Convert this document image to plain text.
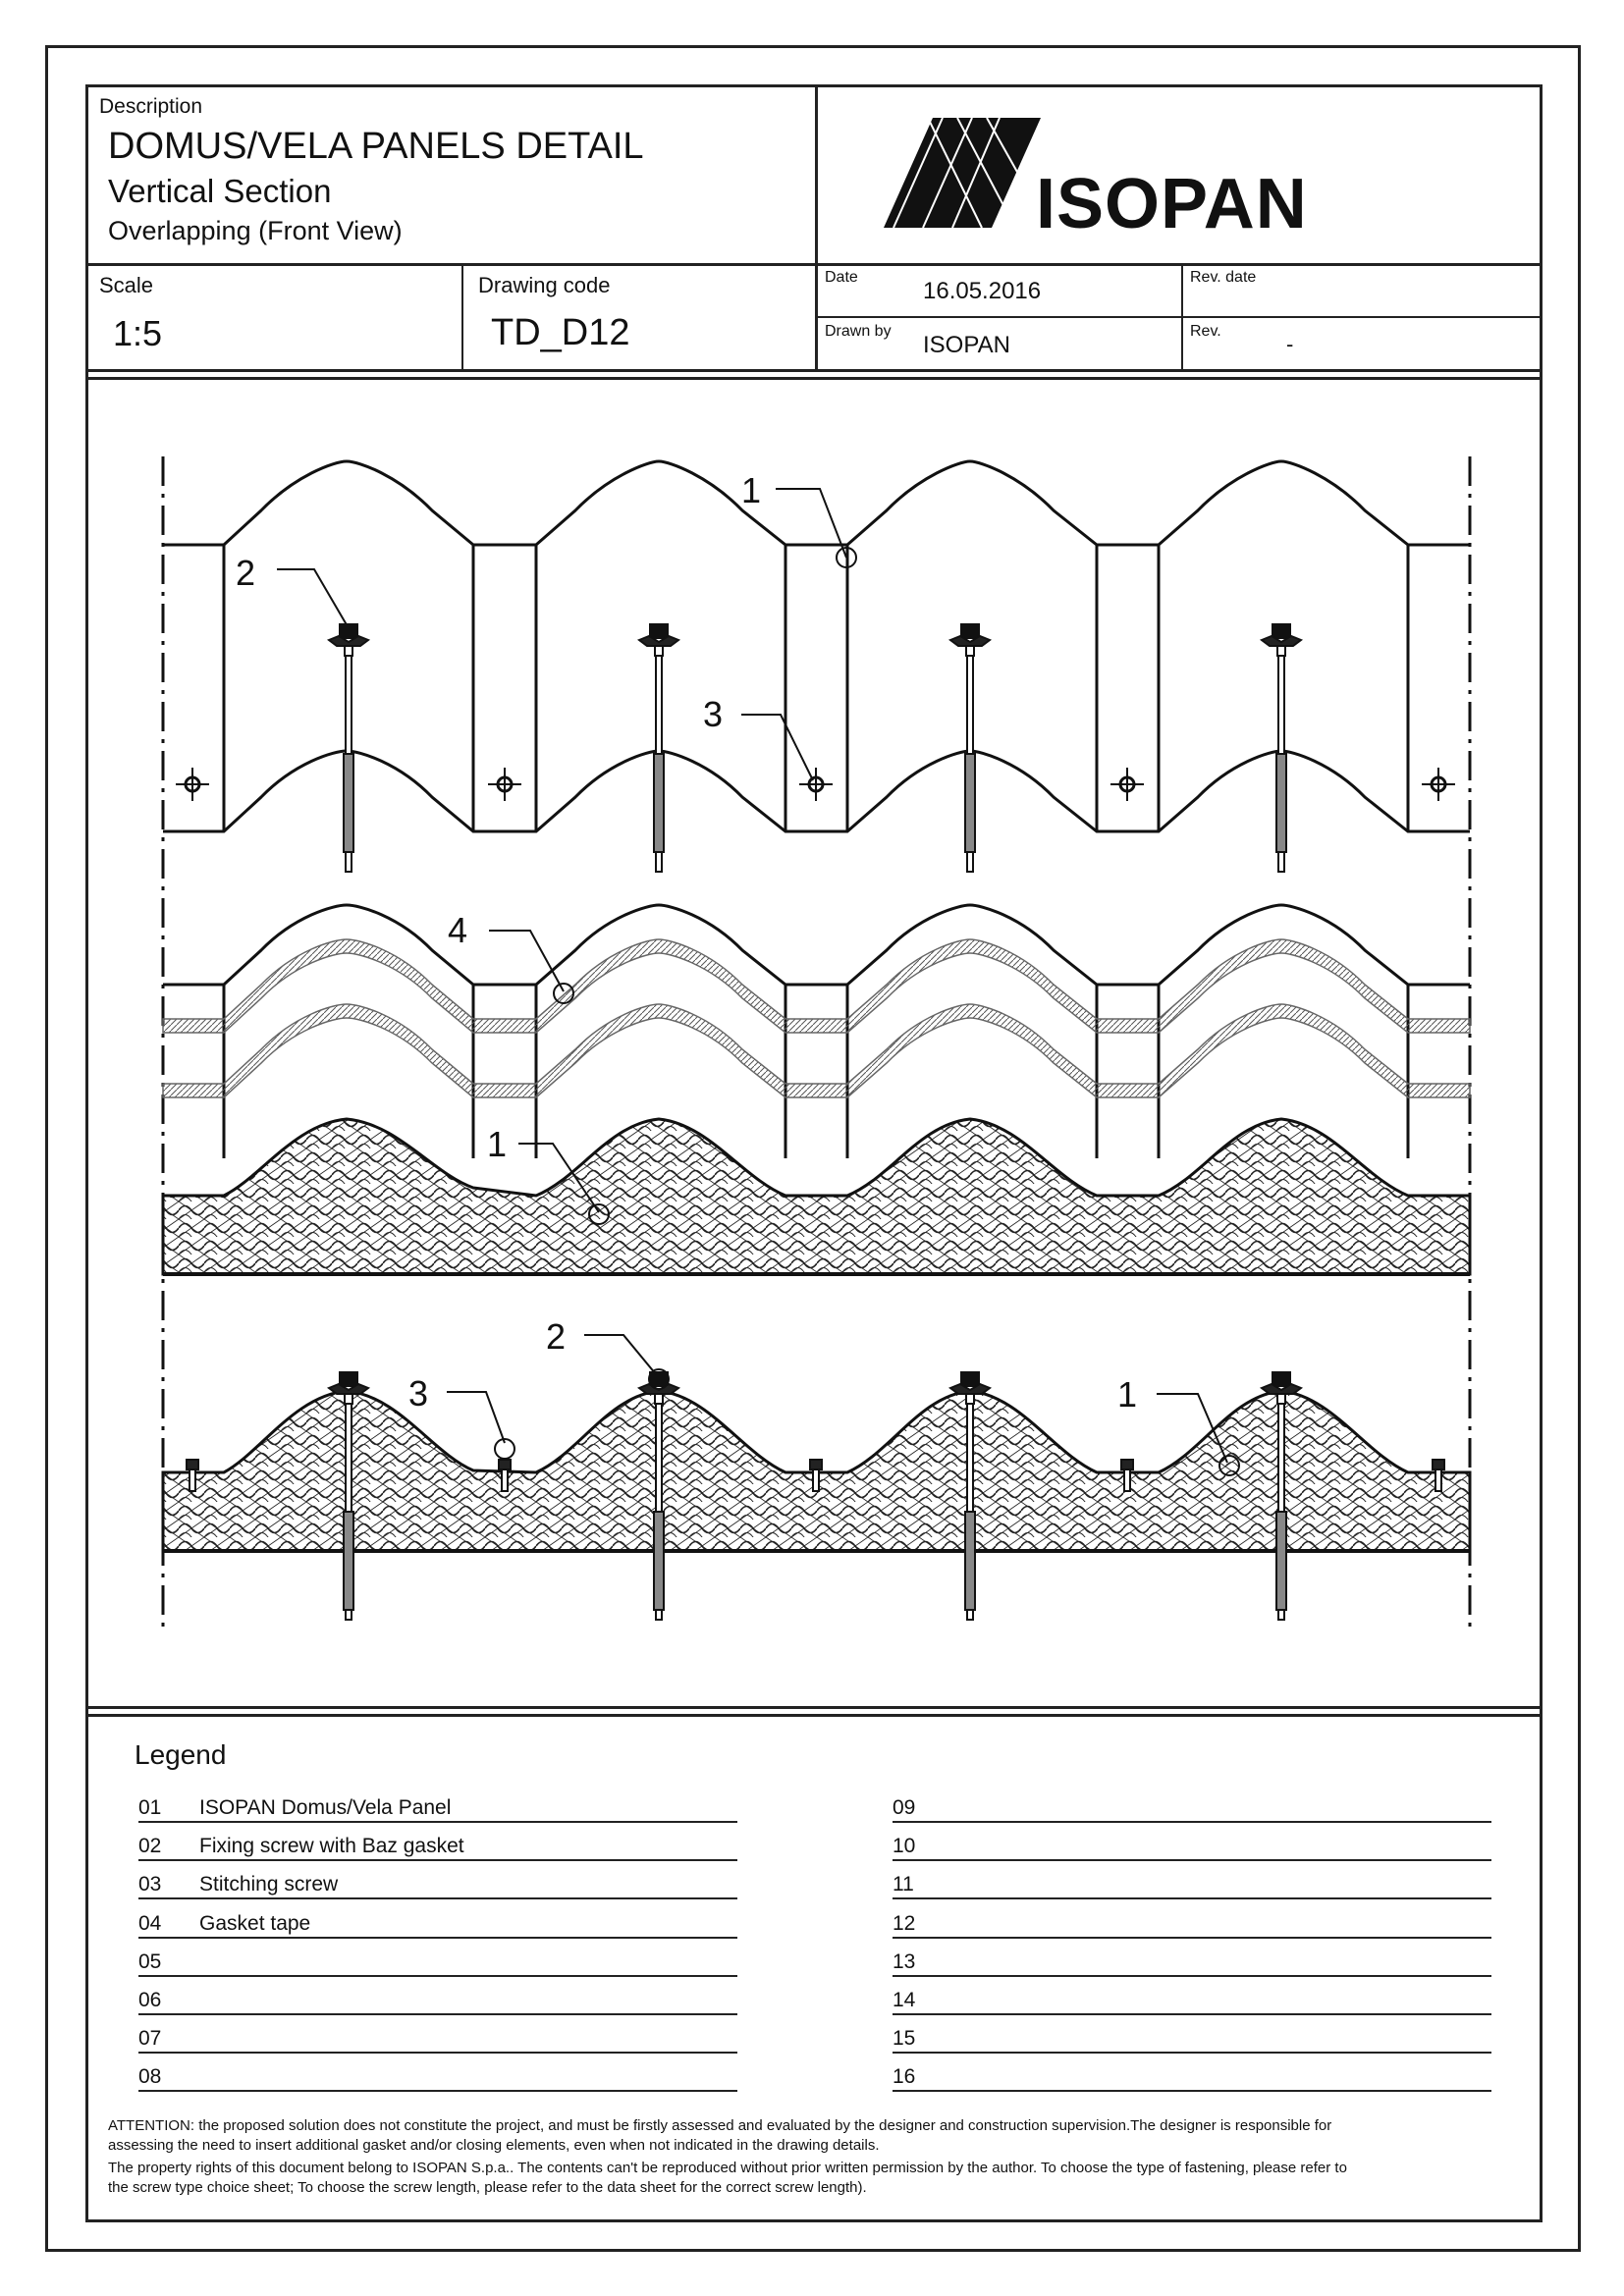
Description
DOMUS/VELA PANELS DETAIL
Vertical Section
Overlapping (Front View)	ISOPAN
Scale
1:5
Drawing code
TD_D12
Date
16.05.2016
Rev. date
Drawn by
ISOPAN
Rev.
-
1
2
3
4
1
2
3	1
Legend
01 ISOPAN Domus/Vela Panel
02 Fixing screw with Baz gasket
03 Stitching screw
04 Gasket tape
05
06
07
08
09
10
11
12
13
14
15
16
ATTENTION: the proposed solution does not constitute the project, and must be firstly assessed and evaluated by the designer and construction supervision.The designer is responsible for
assessing the need to insert additional gasket and/or closing elements, even when not indicated in the drawing details.
The property rights of this document belong to ISOPAN S.p.a.. The contents can't be reproduced without prior written permission by the author. To choose the type of fastening, please refer to
the screw type choice sheet; To choose the screw length, please refer to the data sheet for the correct screw length).
